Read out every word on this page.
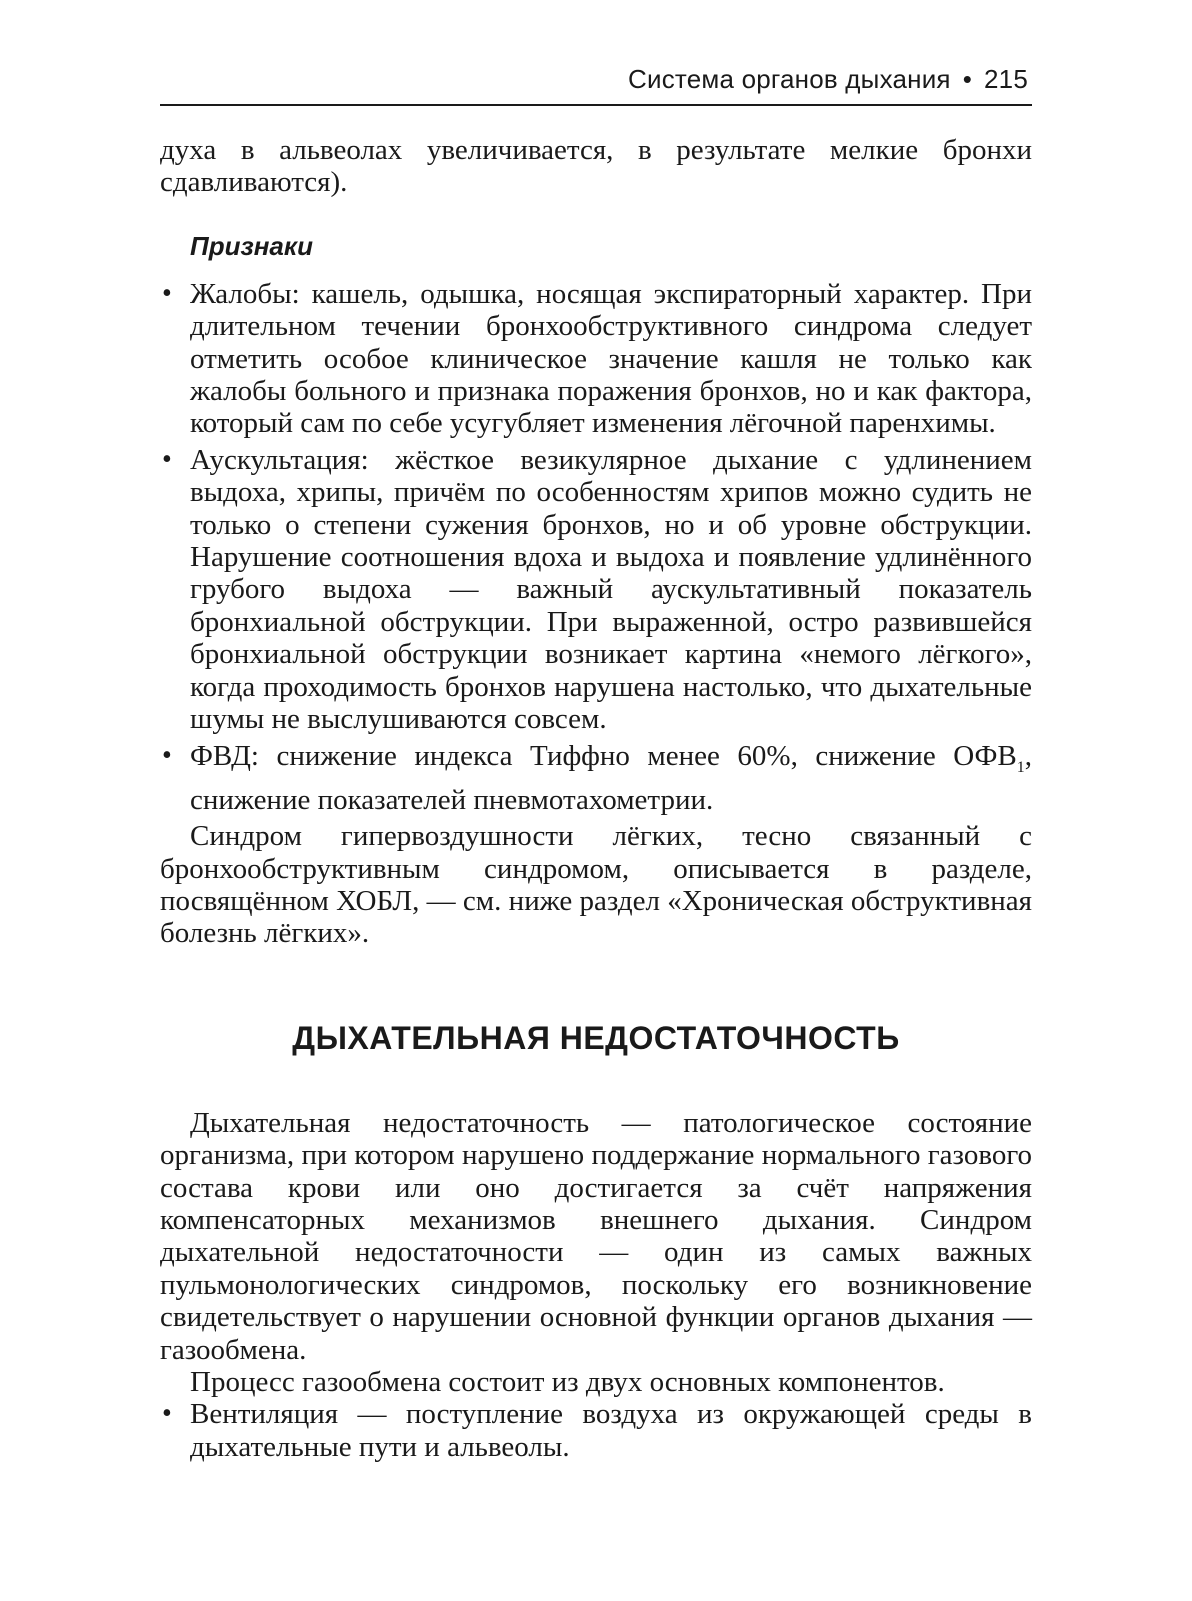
Система органов дыхания • 215

духа в альвеолах увеличивается, в результате мелкие бронхи сдавливаются).

Признаки
• Жалобы: кашель, одышка, носящая экспираторный характер. При длительном течении бронхообструктивного синдрома следует отметить особое клиническое значение кашля не только как жалобы больного и признака поражения бронхов, но и как фактора, который сам по себе усугубляет изменения лёгочной паренхимы.
• Аускультация: жёсткое везикулярное дыхание с удлинением выдоха, хрипы, причём по особенностям хрипов можно судить не только о степени сужения бронхов, но и об уровне обструкции. Нарушение соотношения вдоха и выдоха и появление удлинённого грубого выдоха — важный аускультативный показатель бронхиальной обструкции. При выраженной, остро развившейся бронхиальной обструкции возникает картина «немого лёгкого», когда проходимость бронхов нарушена настолько, что дыхательные шумы не выслушиваются совсем.
• ФВД: снижение индекса Тиффно менее 60%, снижение $ОФВ_1$, снижение показателей пневмотахометрии.

Синдром гипервоздушности лёгких, тесно связанный с бронхообструктивным синдромом, описывается в разделе, посвящённом ХОБЛ, — см. ниже раздел «Хроническая обструктивная болезнь лёгких».

ДЫХАТЕЛЬНАЯ НЕДОСТАТОЧНОСТЬ

Дыхательная недостаточность — патологическое состояние организма, при котором нарушено поддержание нормального газового состава крови или оно достигается за счёт напряжения компенсаторных механизмов внешнего дыхания. Синдром дыхательной недостаточности — один из самых важных пульмонологических синдромов, поскольку его возникновение свидетельствует о нарушении основной функции органов дыхания — газообмена.

Процесс газообмена состоит из двух основных компонентов.

• Вентиляция — поступление воздуха из окружающей среды в дыхательные пути и альвеолы.
